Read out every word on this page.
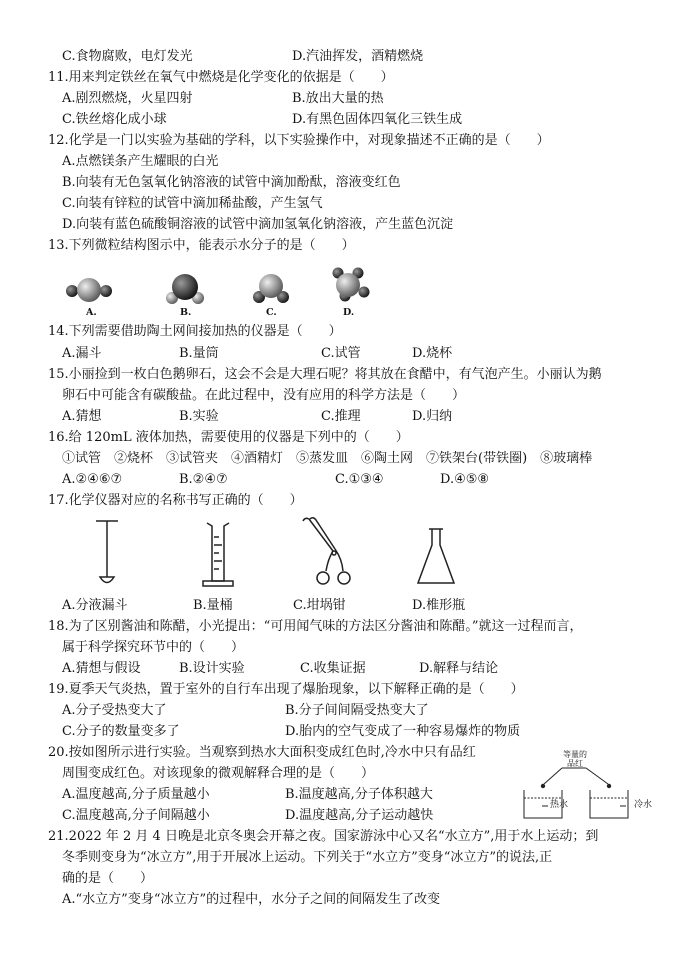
C.食物腐败，电灯发光	D.汽油挥发，酒精燃烧
11.用来判定铁丝在氧气中燃烧是化学变化的依据是（　　）
A.剧烈燃烧，火星四射	B.放出大量的热
C.铁丝熔化成小球	D.有黑色固体四氧化三铁生成
12.化学是一门以实验为基础的学科，以下实验操作中，对现象描述不正确的是（　　）
A.点燃镁条产生耀眼的白光
B.向装有无色氢氧化钠溶液的试管中滴加酚酞，溶液变红色
C.向装有锌粒的试管中滴加稀盐酸，产生氢气
D.向装有蓝色硫酸铜溶液的试管中滴加氢氧化钠溶液，产生蓝色沉淀
13.下列微粒结构图示中，能表示水分子的是（　　）
A.	B.	C.	D.
14.下列需要借助陶土网间接加热的仪器是（　　）
A.漏斗	B.量筒	C.试管	D.烧杯
15.小丽捡到一枚白色鹅卵石，这会不会是大理石呢？将其放在食醋中，有气泡产生。小丽认为鹅
卵石中可能含有碳酸盐。在此过程中，没有应用的科学方法是（　　）
A.猜想	B.实验	C.推理	D.归纳
16.给 120mL 液体加热，需要使用的仪器是下列中的（　　）
①试管　②烧杯　③试管夹　④酒精灯　⑤蒸发皿　⑥陶土网　⑦铁架台(带铁圈)　⑧玻璃棒
A.②④⑥⑦	B.②④⑦	C.①③④	D.④⑤⑧
17.化学仪器对应的名称书写正确的（　　）
A.分液漏斗	B.量桶	C.坩埚钳	D.椎形瓶
18.为了区别酱油和陈醋，小光提出：“可用闻气味的方法区分酱油和陈醋。”就这一过程而言，
属于科学探究环节中的（　　）
A.猜想与假设	B.设计实验	C.收集证据	D.解释与结论
19.夏季天气炎热，置于室外的自行车出现了爆胎现象，以下解释正确的是（　　）
A.分子受热变大了	B.分子间间隔受热变大了
C.分子的数量变多了	D.胎内的空气变成了一种容易爆炸的物质
20.按如图所示进行实验。当观察到热水大面积变成红色时,冷水中只有品红
周围变成红色。对该现象的微观解释合理的是（　　）
A.温度越高,分子质量越小	B.温度越高,分子体积越大
C.温度越高,分子间隔越小	D.温度越高,分子运动越快
等量的
品红
热水	冷水
21.2022 年 2 月 4 日晚是北京冬奥会开幕之夜。国家游泳中心又名“水立方”,用于水上运动；到
冬季则变身为“冰立方”,用于开展冰上运动。下列关于“水立方”变身“冰立方”的说法,正
确的是（　　）
A.“水立方”变身“冰立方”的过程中，水分子之间的间隔发生了改变
